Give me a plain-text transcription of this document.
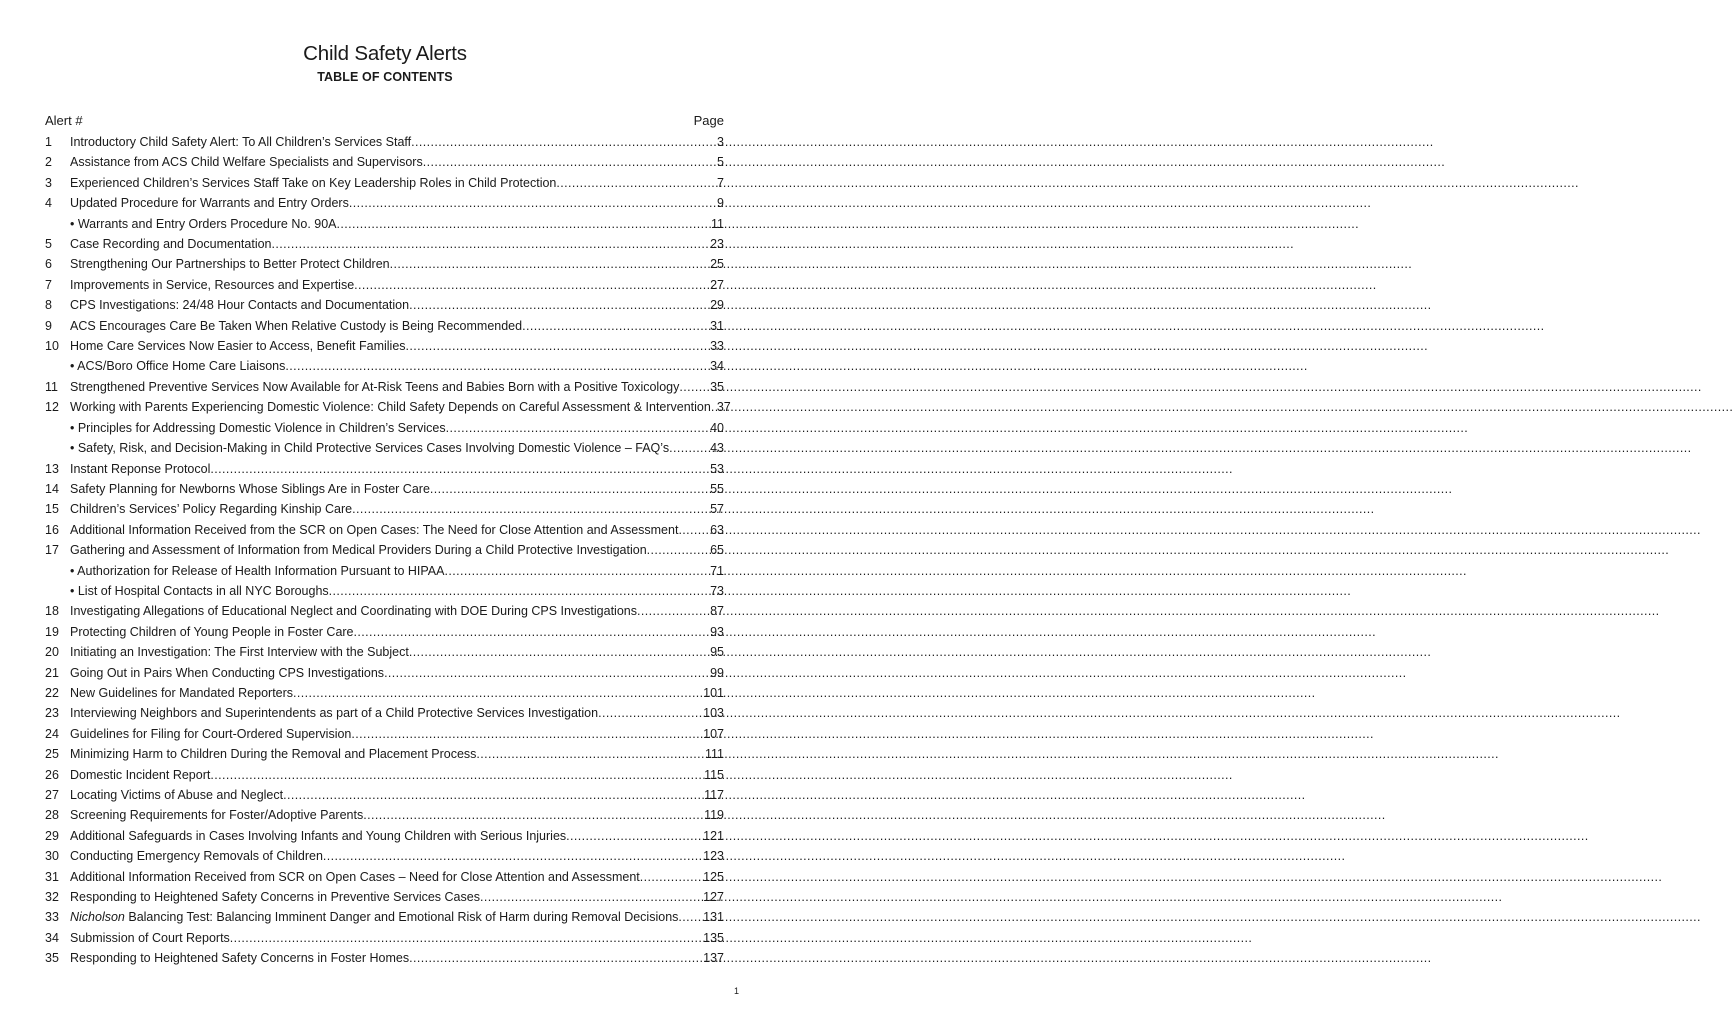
Child Safety Alerts
TABLE OF CONTENTS
Alert #	Page
1 Introductory Child Safety Alert: To All Children’s Services Staff .....	3
2 Assistance from ACS Child Welfare Specialists and Supervisors .....	5
3 Experienced Children’s Services Staff Take on Key Leadership Roles in Child Protection .....	7
4 Updated Procedure for Warrants and Entry Orders .....	9
• Warrants and Entry Orders Procedure No. 90A .....	11
5 Case Recording and Documentation .....	23
6 Strengthening Our Partnerships to Better Protect Children .....	25
7 Improvements in Service, Resources and Expertise .....	27
8 CPS Investigations: 24/48 Hour Contacts and Documentation .....	29
9 ACS Encourages Care Be Taken When Relative Custody is Being Recommended .....	31
10 Home Care Services Now Easier to Access, Benefit Families .....	33
• ACS/Boro Office Home Care Liaisons .....	34
11 Strengthened Preventive Services Now Available for At-Risk Teens and Babies Born with a Positive Toxicology ..... 35
12 Working with Parents Experiencing Domestic Violence: Child Safety Depends on Careful Assessment & Intervention ..... 37
• Principles for Addressing Domestic Violence in Children’s Services .....	40
• Safety, Risk, and Decision-Making in Child Protective Services Cases Involving Domestic Violence – FAQ’s .....	43
13 Instant Reponse Protocol .....	53
14 Safety Planning for Newborns Whose Siblings Are in Foster Care .....	55
15 Children’s Services’ Policy Regarding Kinship Care .....	57
16 Additional Information Received from the SCR on Open Cases: The Need for Close Attention and Assessment .....	63
17 Gathering and Assessment of Information from Medical Providers During a Child Protective Investigation .....	65
• Authorization for Release of Health Information Pursuant to HIPAA .....	71
• List of Hospital Contacts in all NYC Boroughs .....	73
18 Investigating Allegations of Educational Neglect and Coordinating with DOE During CPS Investigations .....	87
19 Protecting Children of Young People in Foster Care .....	93
20 Initiating an Investigation: The First Interview with the Subject .....	95
21 Going Out in Pairs When Conducting CPS Investigations .....	99
22 New Guidelines for Mandated Reporters .....	101
23 Interviewing Neighbors and Superintendents as part of a Child Protective Services Investigation .....	103
24 Guidelines for Filing for Court-Ordered Supervision .....	107
25 Minimizing Harm to Children During the Removal and Placement Process .....	111
26 Domestic Incident Report .....	115
27 Locating Victims of Abuse and Neglect .....	117
28 Screening Requirements for Foster/Adoptive Parents .....	119
29 Additional Safeguards in Cases Involving Infants and Young Children with Serious Injuries .....	121
30 Conducting Emergency Removals of Children .....	123
31 Additional Information Received from SCR on Open Cases – Need for Close Attention and Assessment .....	125
32 Responding to Heightened Safety Concerns in Preventive Services Cases .....	127
33 Nicholson Balancing Test: Balancing Imminent Danger and Emotional Risk of Harm during Removal Decisions ..... 131
34 Submission of Court Reports .....	135
35 Responding to Heightened Safety Concerns in Foster Homes .....	137
1
